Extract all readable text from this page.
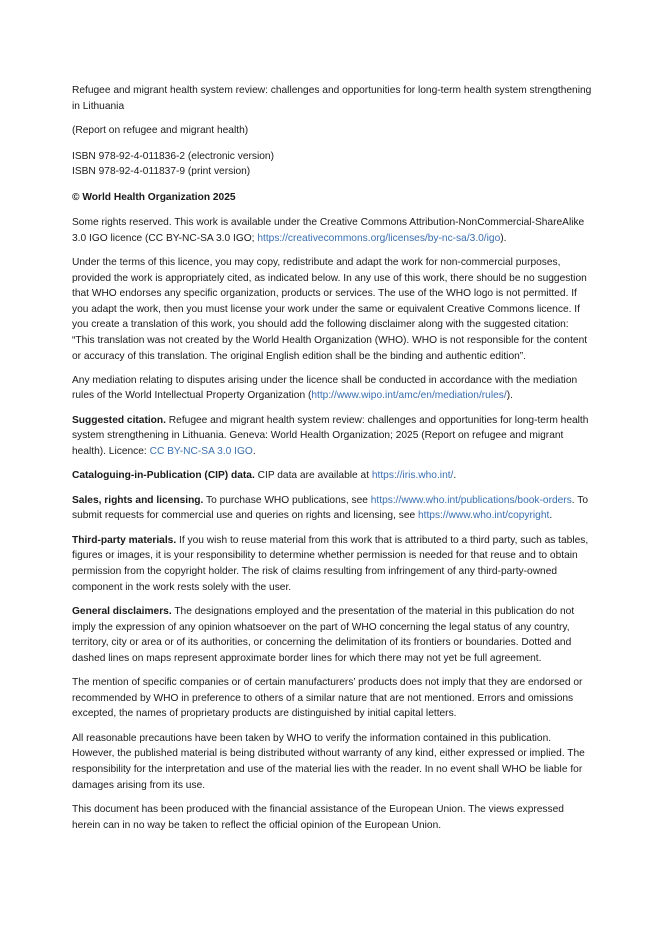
Refugee and migrant health system review: challenges and opportunities for long-term health system strengthening in Lithuania

(Report on refugee and migrant health)

ISBN 978-92-4-011836-2 (electronic version)
ISBN 978-92-4-011837-9 (print version)

© World Health Organization 2025

Some rights reserved. This work is available under the Creative Commons Attribution-NonCommercial-ShareAlike 3.0 IGO licence (CC BY-NC-SA 3.0 IGO; https://creativecommons.org/licenses/by-nc-sa/3.0/igo).

Under the terms of this licence, you may copy, redistribute and adapt the work for non-commercial purposes, provided the work is appropriately cited, as indicated below. In any use of this work, there should be no suggestion that WHO endorses any specific organization, products or services. The use of the WHO logo is not permitted. If you adapt the work, then you must license your work under the same or equivalent Creative Commons licence. If you create a translation of this work, you should add the following disclaimer along with the suggested citation: “This translation was not created by the World Health Organization (WHO). WHO is not responsible for the content or accuracy of this translation. The original English edition shall be the binding and authentic edition”.

Any mediation relating to disputes arising under the licence shall be conducted in accordance with the mediation rules of the World Intellectual Property Organization (http://www.wipo.int/amc/en/mediation/rules/).

Suggested citation. Refugee and migrant health system review: challenges and opportunities for long-term health system strengthening in Lithuania. Geneva: World Health Organization; 2025 (Report on refugee and migrant health). Licence: CC BY-NC-SA 3.0 IGO.

Cataloguing-in-Publication (CIP) data. CIP data are available at https://iris.who.int/.

Sales, rights and licensing. To purchase WHO publications, see https://www.who.int/publications/book-orders. To submit requests for commercial use and queries on rights and licensing, see https://www.who.int/copyright.

Third-party materials. If you wish to reuse material from this work that is attributed to a third party, such as tables, figures or images, it is your responsibility to determine whether permission is needed for that reuse and to obtain permission from the copyright holder. The risk of claims resulting from infringement of any third-party-owned component in the work rests solely with the user.

General disclaimers. The designations employed and the presentation of the material in this publication do not imply the expression of any opinion whatsoever on the part of WHO concerning the legal status of any country, territory, city or area or of its authorities, or concerning the delimitation of its frontiers or boundaries. Dotted and dashed lines on maps represent approximate border lines for which there may not yet be full agreement.

The mention of specific companies or of certain manufacturers’ products does not imply that they are endorsed or recommended by WHO in preference to others of a similar nature that are not mentioned. Errors and omissions excepted, the names of proprietary products are distinguished by initial capital letters.

All reasonable precautions have been taken by WHO to verify the information contained in this publication. However, the published material is being distributed without warranty of any kind, either expressed or implied. The responsibility for the interpretation and use of the material lies with the reader. In no event shall WHO be liable for damages arising from its use.

This document has been produced with the financial assistance of the European Union. The views expressed herein can in no way be taken to reflect the official opinion of the European Union.
